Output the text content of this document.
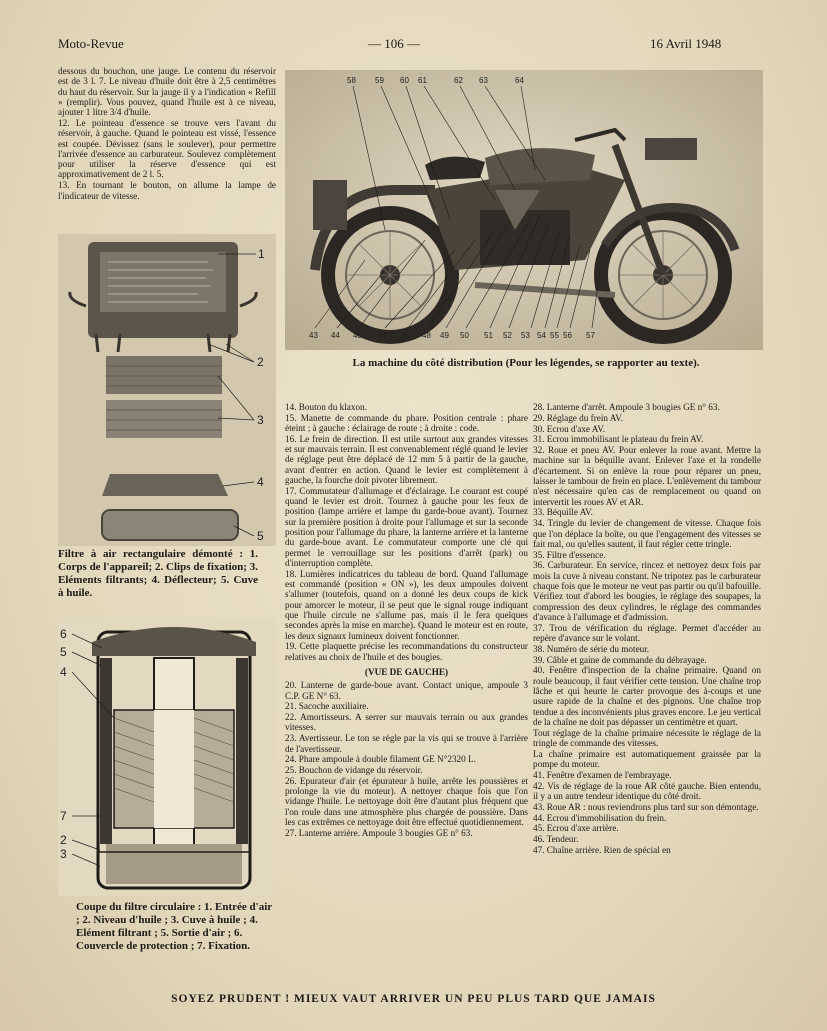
Moto-Revue	— 106 —	16 Avril 1948

dessous du bouchon, une jauge. Le contenu du réservoir est de 3 l. 7. Le niveau d'huile doit être à 2,5 centimètres du haut du réservoir. Sur la jauge il y a l'indication « Refill » (remplir). Vous pouvez, quand l'huile est à ce niveau, ajouter 1 litre 3/4 d'huile.

12. Le pointeau d'essence se trouve vers l'avant du réservoir, à gauche. Quand le pointeau est vissé, l'essence est coupée. Dévissez (sans le soulever), pour permettre l'arrivée d'essence au carburateur. Soulevez complètement pour utiliser la réserve d'essence qui est approximativement de 2 l. 5.

13. En tournant le bouton, on allume la lampe de l'indicateur de vitesse.

58 59 60 61	62 63	64
43 44 45 46 47 48 49 50 51 52 53 54 55 56 57
La machine du côté distribution (Pour les légendes, se rapporter au texte).
1
2
3
4
5
Filtre à air rectangulaire démonté : 1. Corps de l'appareil; 2. Clips de fixation; 3. Eléments filtrants; 4. Déflecteur; 5. Cuve à huile.
6
5
4
7
2
3
Coupe du filtre circulaire : 1. Entrée d'air ; 2. Niveau d'huile ; 3. Cuve à huile ; 4. Elément filtrant ; 5. Sortie d'air ; 6. Couvercle de protection ; 7. Fixation.

14. Bouton du klaxon.

15. Manette de commande du phare. Position centrale : phare éteint ; à gauche : éclairage de route ; à droite : code.

16. Le frein de direction. Il est utile surtout aux grandes vitesses et sur mauvais terrain. Il est convenablement réglé quand le levier de réglage peut être déplacé de 12 mm 5 à partir de la gauche, avant d'entrer en action. Quand le levier est complètement à gauche, la fourche doit pivoter librement.

17. Commutateur d'allumage et d'éclairage. Le courant est coupé quand le levier est droit. Tournez à gauche pour les feux de position (lampe arrière et lampe du garde-boue avant). Tournez sur la première position à droite pour l'allumage et sur la seconde position pour l'allumage du phare, la lanterne arrière et la lanterne du garde-boue avant. Le commutateur comporte une clé qui permet le verrouillage sur les positions d'arrêt (park) ou d'interruption complète.

18. Lumières indicatrices du tableau de bord. Quand l'allumage est commandé (position « ON »), les deux ampoules doivent s'allumer (toutefois, quand on a donné les deux coups de kick pour amorcer le moteur, il se peut que le signal rouge indiquant que l'huile circule ne s'allume pas, mais il le fera quelques secondes après la mise en marche). Quand le moteur est en route, les deux signaux lumineux doivent fonctionner.

19. Cette plaquette précise les recommandations du constructeur relatives au choix de l'huile et des bougies.

(VUE DE GAUCHE)

20. Lanterne de garde-boue avant. Contact unique, ampoule 3 C.P. GE N° 63.

21. Sacoche auxiliaire.

22. Amortisseurs. A serrer sur mauvais terrain ou aux grandes vitesses.

23. Avertisseur. Le ton se règle par la vis qui se trouve à l'arrière de l'avertisseur.

24. Phare ampoule à double filament GE N°2320 L.

25. Bouchon de vidange du réservoir.

26. Epurateur d'air (et épurateur à huile, arrête les poussières et prolonge la vie du moteur). A nettoyer chaque fois que l'on vidange l'huile. Le nettoyage doit être d'autant plus fréquent que l'on roule dans une atmosphère plus chargée de poussière. Dans les cas extrêmes ce nettoyage doit être effectué quotidiennement.

27. Lanterne arrière. Ampoule 3 bougies GE n° 63.

28. Lanterne d'arrêt. Ampoule 3 bougies GE n° 63.

29. Réglage du frein AV.

30. Ecrou d'axe AV.

31. Ecrou immobilisant le plateau du frein AV.

32. Roue et pneu AV. Pour enlever la roue avant. Mettre la machine sur la béquille avant. Enlever l'axe et la rondelle d'écartement. Si on enlève la roue pour réparer un pneu, laisser le tambour de frein en place. L'enlèvement du tambour n'est nécessaire qu'en cas de remplacement ou quand on intervertit les roues AV et AR.

33. Béquille AV.

34. Tringle du levier de changement de vitesse. Chaque fois que l'on déplace la boîte, ou que l'engagement des vitesses se fait mal, ou qu'elles sautent, il faut régler cette tringle.

35. Filtre d'essence.

36. Carburateur. En service, rincez et nettoyez deux fois par mois la cuve à niveau constant. Ne tripotez pas le carburateur chaque fois que le moteur ne veut pas partir ou qu'il bafouille. Vérifiez tout d'abord les bougies, le réglage des soupapes, la compression des deux cylindres, le réglage des commandes d'avance à l'allumage et d'admission.

37. Trou de vérification du réglage. Permet d'accéder au repère d'avance sur le volant.

38. Numéro de série du moteur.

39. Câble et gaine de commande du débrayage.

40. Fenêtre d'inspection de la chaîne primaire. Quand on roule beaucoup, il faut vérifier cette tension. Une chaîne trop lâche et qui heurte le carter provoque des à-coups et une usure rapide de la chaîne et des pignons. Une chaîne trop tendue a des inconvénients plus graves encore. Le jeu vertical de la chaîne ne doit pas dépasser un centimètre et quart.

Tout réglage de la chaîne primaire nécessite le réglage de la tringle de commande des vitesses.

La chaîne primaire est automatiquement graissée par la pompe du moteur.

41. Fenêtre d'examen de l'embrayage.

42. Vis de réglage de la roue AR côté gauche. Bien entendu, il y a un autre tendeur identique du côté droit.

43. Roue AR : nous reviendrons plus tard sur son démontage.

44. Ecrou d'immobilisation du frein.

45. Ecrou d'axe arrière.

46. Tendeur.

47. Chaîne arrière. Rien de spécial en

SOYEZ PRUDENT ! MIEUX VAUT ARRIVER UN PEU PLUS TARD QUE JAMAIS
